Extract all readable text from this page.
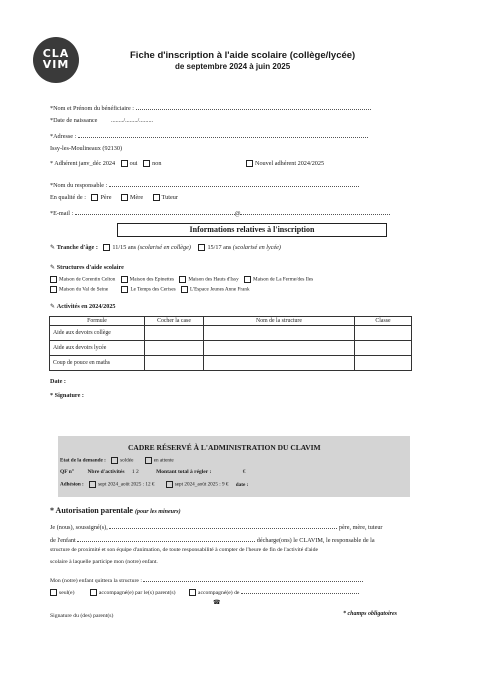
CLA
VIM
Fiche d'inscription à l'aide scolaire (collège/lycée)
de septembre 2024 à juin 2025
*Nom et Prénom du bénéficiaire :
*Date de naissance ......../......../.........
*Adresse :
Issy-les-Moulineaux (92130)
* Adhérent janv_déc 2024 oui non	Nouvel adhérent 2024/2025
*Nom du responsable :
En qualité de : Père	Mère	Tuteur
*E-mail :	@
Informations relatives à l'inscription
✎ Tranche d'âge : 11/15 ans (scolarisé en collège)	15/17 ans (scolarisé en lycée)
✎ Structures d'aide scolaire
Maison de Corentin Celton	Maison des Epinettes	Maison des Hauts d'Issy	Maison de La Ferme/des Iles
Maison du Val de Seine	Le Temps des Cerises	L'Espace Jeunes Anne Frank
✎ Activités en 2024/2025
Formule	Cocher la case	Nom de la structure	Classe
Aide aux devoirs collège			
Aide aux devoirs lycée			
Coup de pouce en maths			
Date :
* Signature :
CADRE RÉSERVÉ À L'ADMINISTRATION DU CLAVIM
Etat de la demande :	soldée	en attente
QF n° Nbre d'activités 1 2	Montant total à régler :	€
Adhésion :	sept 2024_août 2025 : 12 €	sept 2024_août 2025 : 9 € date :
* Autorisation parentale (pour les mineurs)
Je (nous), soussigné(s),	père, mère, tuteur
de l'enfant	décharge(ons) le CLAVIM, le responsable de la
structure de proximité et son équipe d'animation, de toute responsabilité à compter de l'heure de fin de l'activité d'aide
scolaire à laquelle participe mon (notre) enfant.
Mon (notre) enfant quittera la structure :
seul(e)	accompagné(e) par le(s) parent(s)	accompagné(e) de
☎
Signature du (des) parent(s)	* champs obligatoires
